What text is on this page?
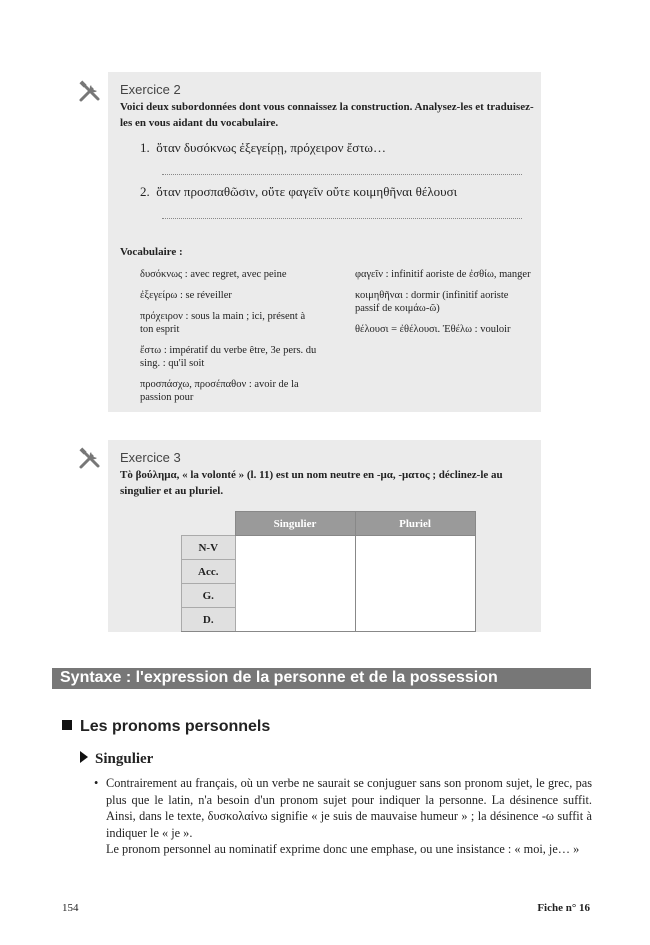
Exercice 2
Voici deux subordonnées dont vous connaissez la construction. Analysez-les et traduisez-les en vous aidant du vocabulaire.
1. ὅταν δυσόκνως ἐξεγείρῃ, πρόχειρον ἔστω…
2. ὅταν προσπαθῶσιν, οὔτε φαγεῖν οὔτε κοιμηθῆναι θέλουσι
Vocabulaire :

δυσόκνως : avec regret, avec peine

ἐξεγείρω : se réveiller

πρόχειρον : sous la main ; ici, présent à ton esprit

ἔστω : impératif du verbe être, 3e pers. du sing. : qu'il soit

προσπάσχω, προσέπαθον : avoir de la passion pour

φαγεῖν : infinitif aoriste de ἐσθίω, manger

κοιμηθῆναι : dormir (infinitif aoriste passif de κοιμάω-ῶ)

θέλουσι = ἐθέλουσι. Ἐθέλω : vouloir

Exercice 3
Τὸ βούλημα, « la volonté » (l. 11) est un nom neutre en -μα, -ματος ; déclinez-le au singulier et au pluriel.
	Singulier	Pluriel
N-V		
Acc.		
G.		
D.		
Syntaxe : l'expression de la personne et de la possession
Les pronoms personnels
Singulier
• Contrairement au français, où un verbe ne saurait se conjuguer sans son pronom sujet, le grec, pas plus que le latin, n'a besoin d'un pronom sujet pour indiquer la personne. La désinence suffit. Ainsi, dans le texte, δυσκολαίνω signifie « je suis de mauvaise humeur » ; la désinence -ω suffit à indiquer le « je ».

Le pronom personnel au nominatif exprime donc une emphase, ou une insistance : « moi, je… »

154	Fiche n° 16
